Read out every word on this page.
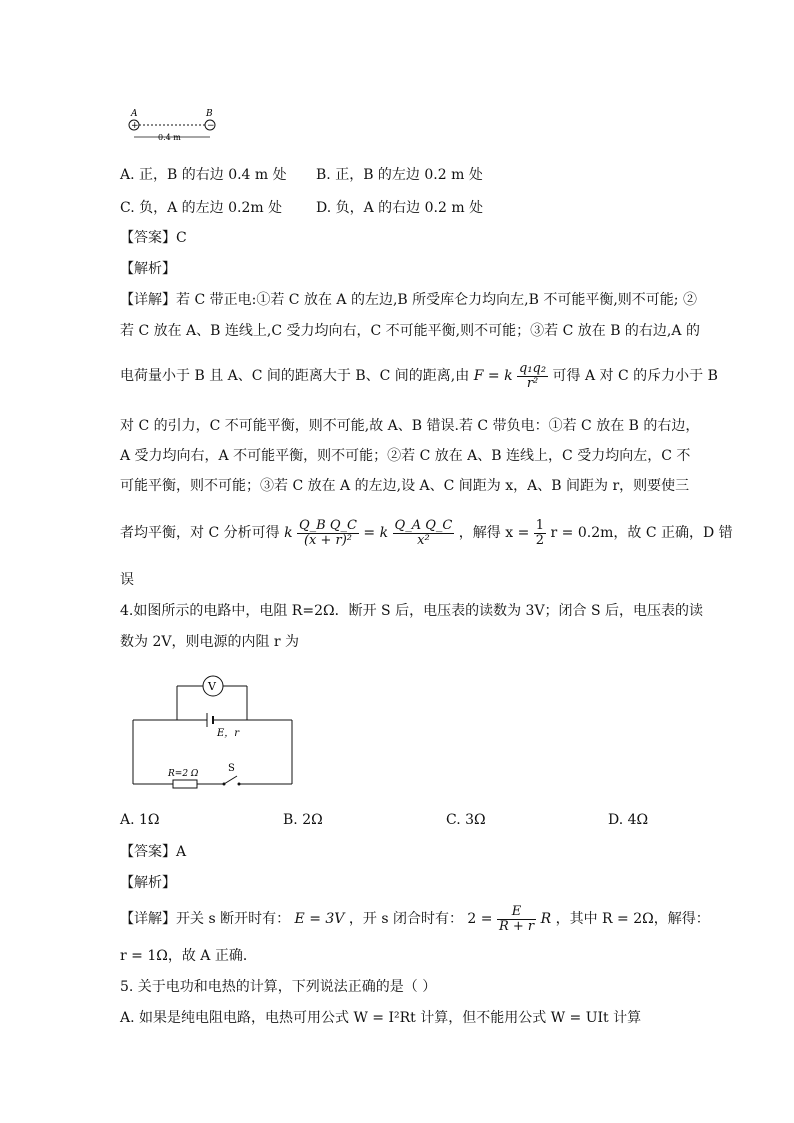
A	B
+	−
0.4 m
A. 正，B 的右边 0.4 m 处 B. 正，B 的左边 0.2 m 处
C. 负，A 的左边 0.2m 处 D. 负，A 的右边 0.2 m 处
【答案】C
【解析】
【详解】若 C 带正电:①若 C 放在 A 的左边,B 所受库仑力均向左,B 不可能平衡,则不可能; ②
若 C 放在 A、B 连线上,C 受力均向右，C 不可能平衡,则不可能；③若 C 放在 B 的右边,A 的
电荷量小于 B 且 A、C 间的距离大于 B、C 间的距离,由 F = k $\frac{\text{q₁q₂}}{\text{r²}}$ 可得 A 对 C 的斥力小于 B
对 C 的引力，C 不可能平衡，则不可能,故 A、B 错误.若 C 带负电：①若 C 放在 B 的右边，
A 受力均向右，A 不可能平衡，则不可能；②若 C 放在 A、B 连线上，C 受力均向左，C 不
可能平衡，则不可能；③若 C 放在 A 的左边,设 A、C 间距为 x，A、B 间距为 r，则要使三
者均平衡，对 C 分析可得 k $\frac{\text{Q\_B Q\_C}}{\text{(x + r)²}} = k \frac{\text{Q\_A Q\_C}}{\text{x²}}$ ，解得 $x = \frac{1}{2}$ r = 0.2m，故 C 正确，D 错
误
4.如图所示的电路中，电阻 R=2Ω．断开 S 后，电压表的读数为 3V；闭合 S 后，电压表的读
数为 2V，则电源的内阻 r 为
E，r
V
R=2 Ω	S
A. 1Ω	B. 2Ω	C. 3Ω	D. 4Ω
【答案】A
【解析】
【详解】开关 s 断开时有： E = 3V ，开 s 闭合时有： $2 = \frac{E}{R + r}$ R ，其中 R = 2Ω，解得：
r = 1Ω，故 A 正确．
5. 关于电功和电热的计算，下列说法正确的是（ ）
A. 如果是纯电阻电路，电热可用公式 W = I²Rt 计算，但不能用公式 W = UIt 计算
